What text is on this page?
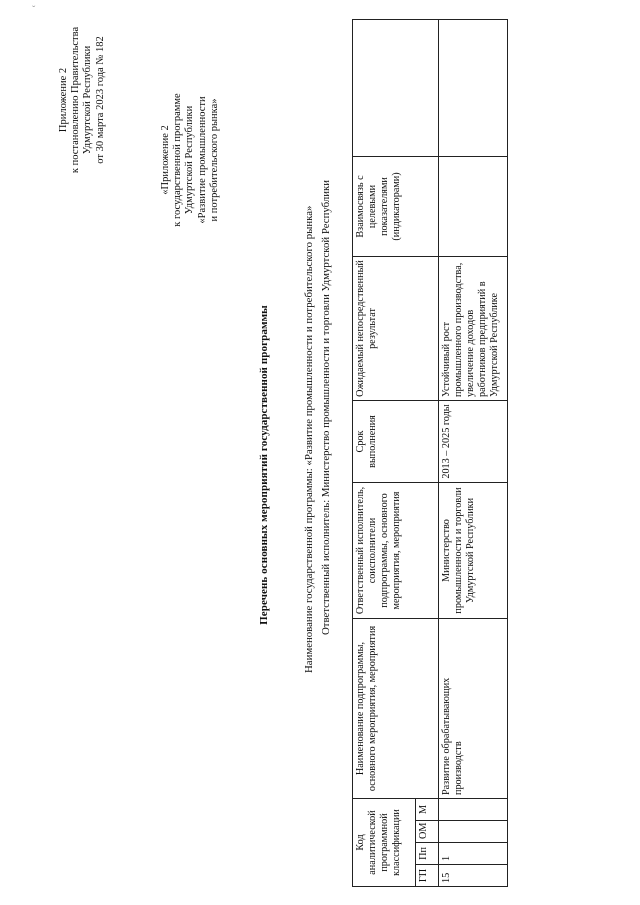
ˇ
Приложение 2 к постановлению Правительства Удмуртской Республики от 30 марта 2023 года № 182	«Приложение 2 к государственной программе Удмуртской Республики «Развитие промышленности и потребительского рынка»
Перечень основных мероприятий государственной программы	Наименование государственной программы: «Развитие промышленности и потребительского рынка» Ответственный исполнитель: Министерство промышленности и торговли Удмуртской Республики
Код аналитической программной классификации				Наименование подпрограммы, основного мероприятия, мероприятия	Ответственный исполнитель, соисполнители подпрограммы, основного мероприятия, мероприятия	Срок выполнения	Ожидаемый непосредственный результат	Взаимосвязь с целевыми показателями (индикаторами)	
ГП	Пп	ОМ	М						
15	1			Развитие обрабатывающих производств	Министерство промышленности и торговли Удмуртской Республики	2013 – 2025 годы	Устойчивый рост промышленного производства, увеличение доходов работников предприятий в Удмуртской Республике		
